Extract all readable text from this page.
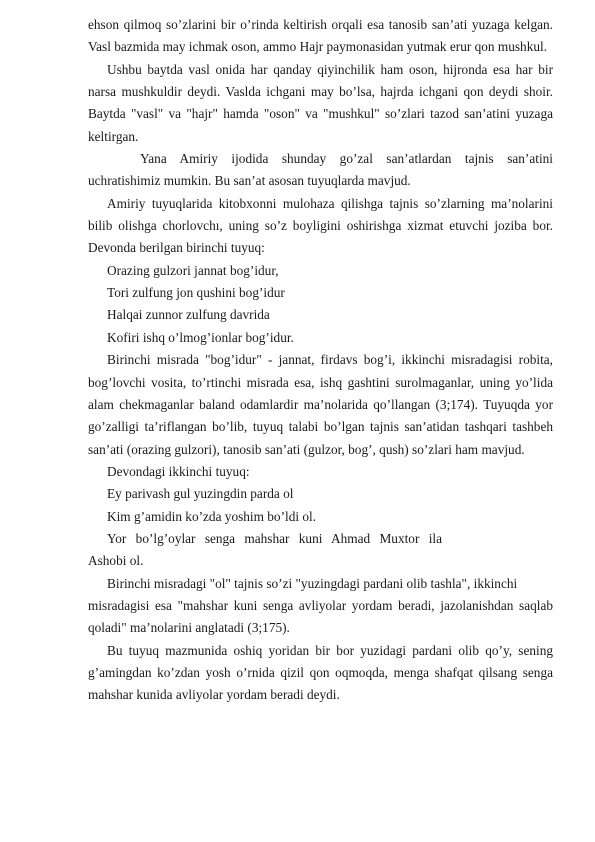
ehson qilmoq so’zlarini bir o’rinda keltirish orqali esa tanosib san’ati yuzaga kelgan. Vasl bazmida may ichmak oson, ammo Hajr paymonasidan yutmak erur qon mushkul.

Ushbu baytda vasl onida har qanday qiyinchilik ham oson, hijronda esa har bir narsa mushkuldir deydi. Vaslda ichgani may bo’lsa, hajrda ichgani qon deydi shoir. Baytda "vasl" va "hajr" hamda "oson" va "mushkul" so’zlari tazod san’atini yuzaga keltirgan.

Yana Amiriy ijodida shunday go’zal san’atlardan tajnis san’atini uchratishimiz mumkin. Bu san’at asosan tuyuqlarda mavjud.

Amiriy tuyuqlarida kitobxonni mulohaza qilishga tajnis so’zlarning ma’nolarini bilib olishga chorlovchı, uning so’z boyligini oshirishga xizmat etuvchi joziba bor. Devonda berilgan birinchi tuyuq:

Orazing gulzori jannat bog’idur,
Tori zulfung jon qushini bog’idur
Halqai zunnor zulfung davrida
Kofiri ishq o’lmog’ionlar bog’idur.

Birinchi misrada "bog’idur" - jannat, firdavs bog’i, ikkinchi misradagisi robita, bog’lovchi vosita, to’rtinchi misrada esa, ishq gashtini surolmaganlar, uning yo’lida alam chekmaganlar baland odamlardir ma’nolarida qo’llangan (3;174). Tuyuqda yor go’zalligi ta’riflangan bo’lib, tuyuq talabi bo’lgan tajnis san’atidan tashqari tashbeh san’ati (orazing gulzori), tanosib san’ati (gulzor, bog’, qush) so’zlari ham mavjud.

Devondagi ikkinchi tuyuq:

Ey parivash gul yuzingdin parda ol
Kim g’amidin ko’zda yoshim bo’ldi ol.
Yor bo’lg’oylar senga mahshar kuni Ahmad Muxtor ila
Ashobi ol.
Birinchi misradagi "ol" tajnis so’zi "yuzingdagi pardani olib tashla", ikkinchi

misradagisi esa "mahshar kuni senga avliyolar yordam beradi, jazolanishdan saqlab qoladi" ma’nolarini anglatadi (3;175).

Bu tuyuq mazmunida oshiq yoridan bir bor yuzidagi pardani olib qo’y, sening g’amingdan ko’zdan yosh o’rnida qizil qon oqmoqda, menga shafqat qilsang senga mahshar kunida avliyolar yordam beradi deydi.
